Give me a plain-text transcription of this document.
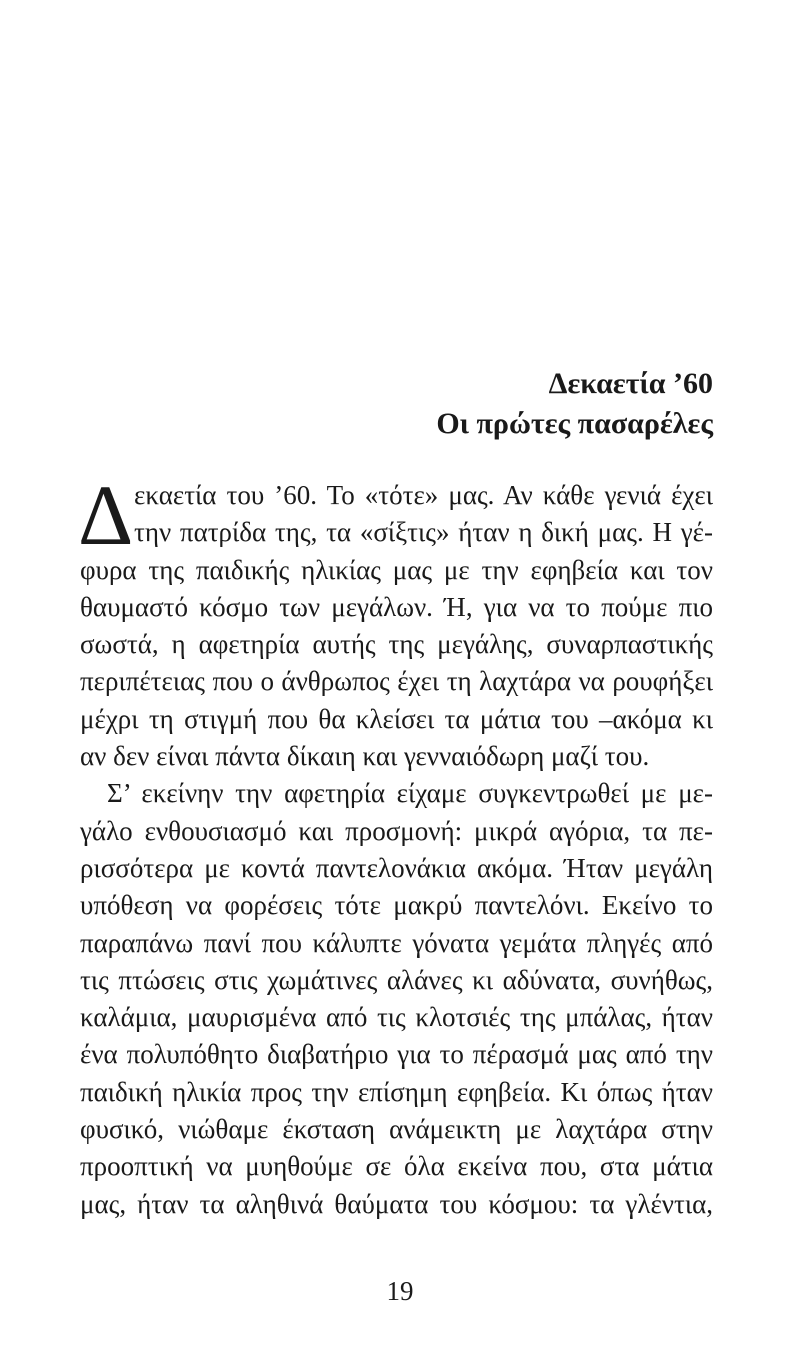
Δεκαετία ’60
Οι πρώτες πασαρέλες
Δ εκαετία του ’60. Το «τότε» μας. Αν κάθε γενιά έχει
την πατρίδα της, τα «σίξτις» ήταν η δική μας. Η γέ-
φυρα της παιδικής ηλικίας μας με την εφηβεία και τον
θαυμαστό κόσμο των μεγάλων. Ή, για να το πούμε πιο
σωστά, η αφετηρία αυτής της μεγάλης, συναρπαστικής
περιπέτειας που ο άνθρωπος έχει τη λαχτάρα να ρουφήξει
μέχρι τη στιγμή που θα κλείσει τα μάτια του –ακόμα κι
αν δεν είναι πάντα δίκαιη και γενναιόδωρη μαζί του.
Σ’ εκείνην την αφετηρία είχαμε συγκεντρωθεί με με-
γάλο ενθουσιασμό και προσμονή: μικρά αγόρια, τα πε-
ρισσότερα με κοντά παντελονάκια ακόμα. Ήταν μεγάλη
υπόθεση να φορέσεις τότε μακρύ παντελόνι. Εκείνο το
παραπάνω πανί που κάλυπτε γόνατα γεμάτα πληγές από
τις πτώσεις στις χωμάτινες αλάνες κι αδύνατα, συνήθως,
καλάμια, μαυρισμένα από τις κλοτσιές της μπάλας, ήταν
ένα πολυπόθητο διαβατήριο για το πέρασμά μας από την
παιδική ηλικία προς την επίσημη εφηβεία. Κι όπως ήταν
φυσικό, νιώθαμε έκσταση ανάμεικτη με λαχτάρα στην
προοπτική να μυηθούμε σε όλα εκείνα που, στα μάτια
μας, ήταν τα αληθινά θαύματα του κόσμου: τα γλέντια,
19
